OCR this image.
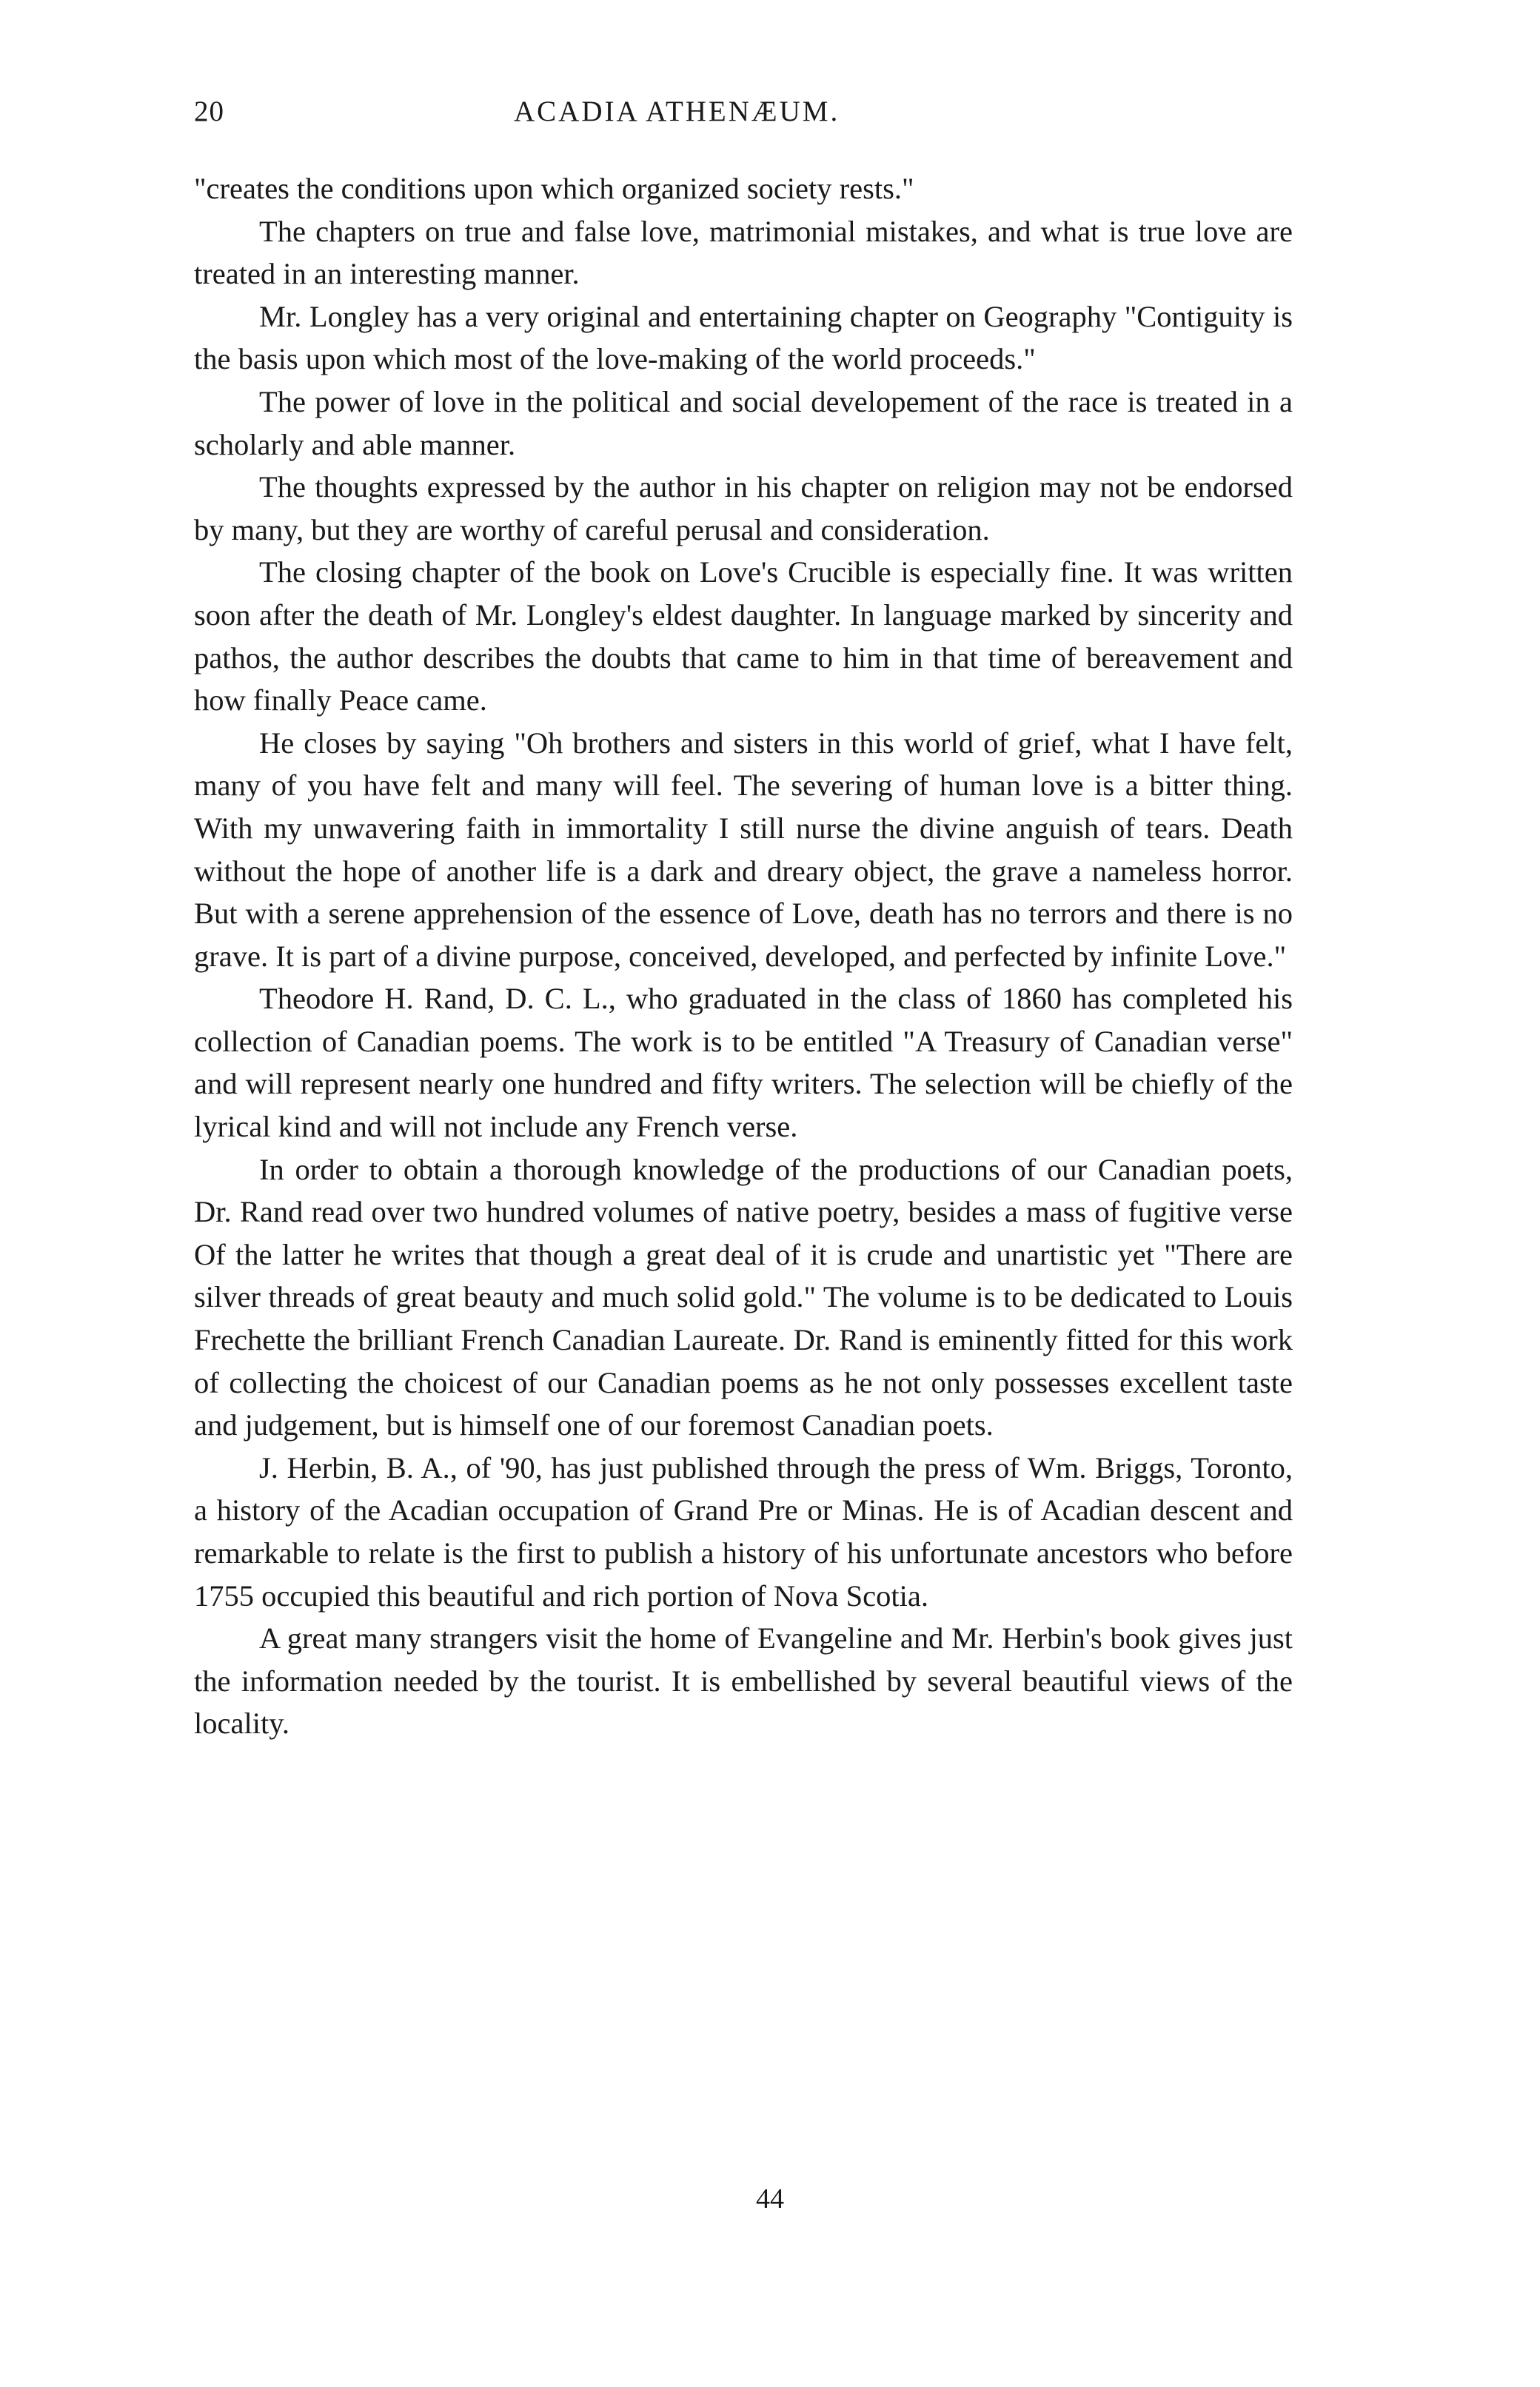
20	ACADIA ATHENÆUM.

"creates the conditions upon which organized society rests."

The chapters on true and false love, matrimonial mistakes, and what is true love are treated in an interesting manner.

Mr. Longley has a very original and entertaining chapter on Geography "Contiguity is the basis upon which most of the love-making of the world proceeds."

The power of love in the political and social developement of the race is treated in a scholarly and able manner.

The thoughts expressed by the author in his chapter on religion may not be endorsed by many, but they are worthy of careful perusal and consideration.

The closing chapter of the book on Love's Crucible is especially fine. It was written soon after the death of Mr. Longley's eldest daughter. In language marked by sincerity and pathos, the author describes the doubts that came to him in that time of bereavement and how finally Peace came.

He closes by saying "Oh brothers and sisters in this world of grief, what I have felt, many of you have felt and many will feel. The severing of human love is a bitter thing. With my unwavering faith in immortality I still nurse the divine anguish of tears. Death without the hope of another life is a dark and dreary object, the grave a nameless horror. But with a serene apprehension of the essence of Love, death has no terrors and there is no grave. It is part of a divine purpose, conceived, developed, and perfected by infinite Love."

Theodore H. Rand, D. C. L., who graduated in the class of 1860 has completed his collection of Canadian poems. The work is to be entitled "A Treasury of Canadian verse" and will represent nearly one hundred and fifty writers. The selection will be chiefly of the lyrical kind and will not include any French verse.

In order to obtain a thorough knowledge of the productions of our Canadian poets, Dr. Rand read over two hundred volumes of native poetry, besides a mass of fugitive verse Of the latter he writes that though a great deal of it is crude and unartistic yet "There are silver threads of great beauty and much solid gold." The volume is to be dedicated to Louis Frechette the brilliant French Canadian Laureate. Dr. Rand is eminently fitted for this work of collecting the choicest of our Canadian poems as he not only possesses excellent taste and judgement, but is himself one of our foremost Canadian poets.

J. Herbin, B. A., of '90, has just published through the press of Wm. Briggs, Toronto, a history of the Acadian occupation of Grand Pre or Minas. He is of Acadian descent and remarkable to relate is the first to publish a history of his unfortunate ancestors who before 1755 occupied this beautiful and rich portion of Nova Scotia.

A great many strangers visit the home of Evangeline and Mr. Herbin's book gives just the information needed by the tourist. It is embellished by several beautiful views of the locality.

44
